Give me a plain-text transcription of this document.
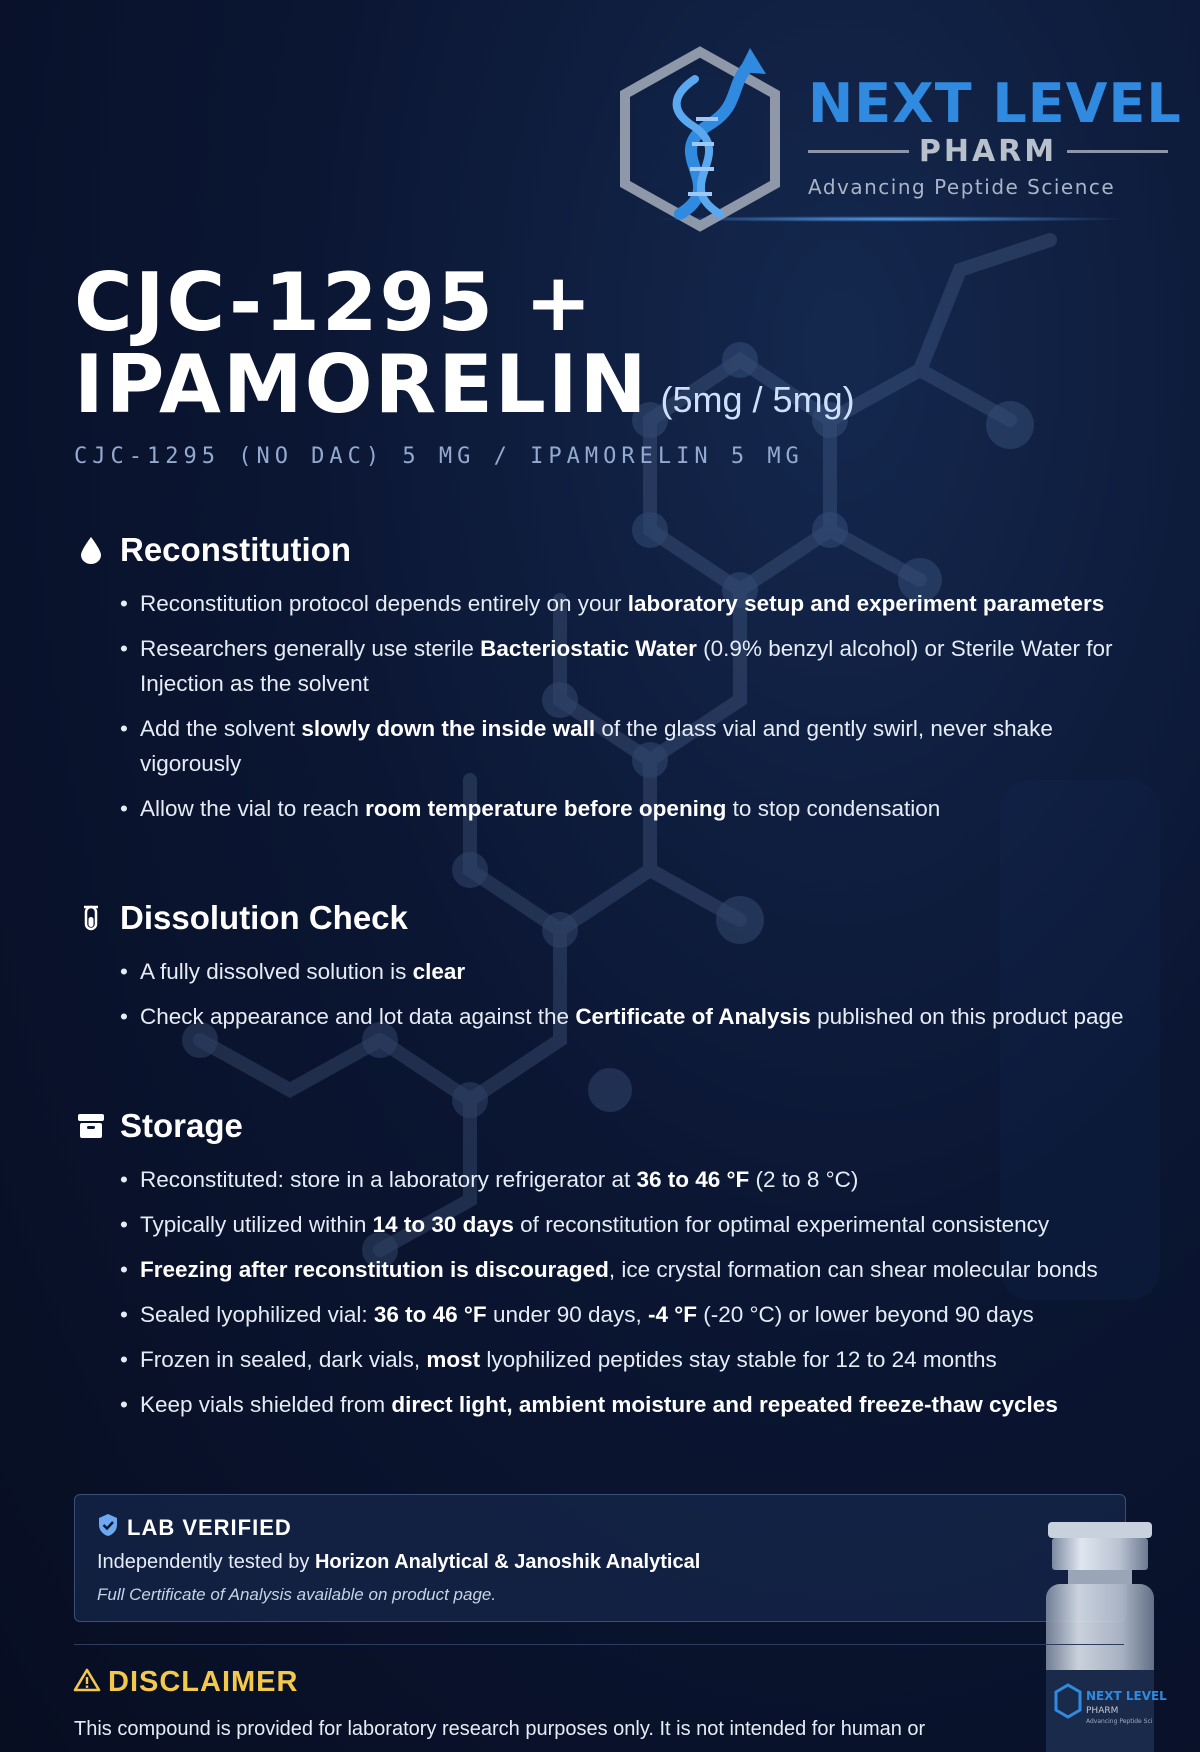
NEXT LEVEL
PHARM
Advancing Peptide Science
CJC-1295 +
IPAMORELIN (5mg / 5mg)
CJC-1295 (NO DAC) 5 MG / IPAMORELIN 5 MG
Reconstitution
• Reconstitution protocol depends entirely on your laboratory setup and experiment parameters
• Researchers generally use sterile Bacteriostatic Water (0.9% benzyl alcohol) or Sterile Water for Injection as the solvent
• Add the solvent slowly down the inside wall of the glass vial and gently swirl, never shake vigorously
• Allow the vial to reach room temperature before opening to stop condensation
Dissolution Check
• A fully dissolved solution is clear
• Check appearance and lot data against the Certificate of Analysis published on this product page
Storage
• Reconstituted: store in a laboratory refrigerator at 36 to 46 °F (2 to 8 °C)
• Typically utilized within 14 to 30 days of reconstitution for optimal experimental consistency
• Freezing after reconstitution is discouraged, ice crystal formation can shear molecular bonds
• Sealed lyophilized vial: 36 to 46 °F under 90 days, -4 °F (-20 °C) or lower beyond 90 days
• Frozen in sealed, dark vials, most lyophilized peptides stay stable for 12 to 24 months
• Keep vials shielded from direct light, ambient moisture and repeated freeze-thaw cycles
LAB VERIFIED
Independently tested by Horizon Analytical & Janoshik Analytical
Full Certificate of Analysis available on product page.
NEXT LEVEL
PHARM
Advancing Peptide Sci
DISCLAIMER
This compound is provided for laboratory research purposes only. It is not intended for human or
